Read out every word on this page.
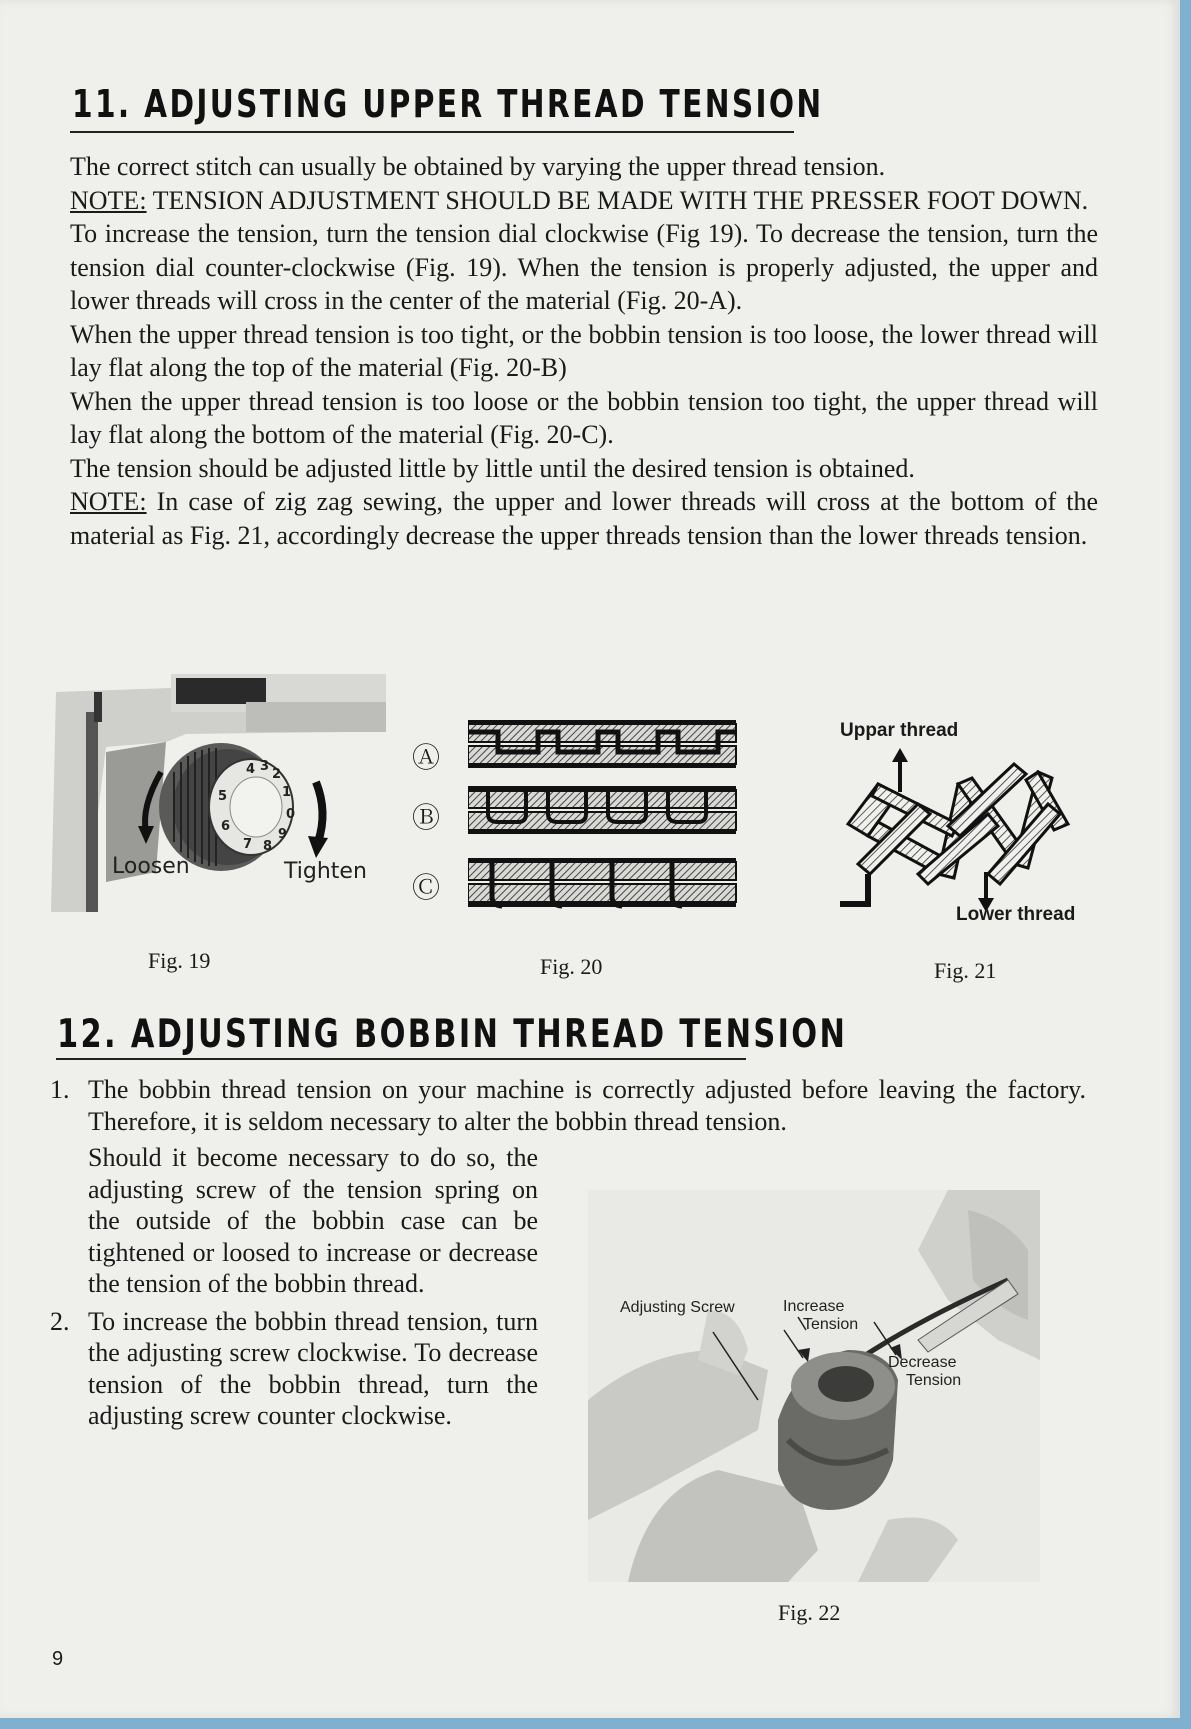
11. ADJUSTING UPPER THREAD TENSION

The correct stitch can usually be obtained by varying the upper thread tension.

NOTE: TENSION ADJUSTMENT SHOULD BE MADE WITH THE PRESSER FOOT DOWN.

To increase the tension, turn the tension dial clockwise (Fig 19). To decrease the tension, turn the tension dial counter-clockwise (Fig. 19). When the tension is properly adjusted, the upper and lower threads will cross in the center of the material (Fig. 20-A).

When the upper thread tension is too tight, or the bobbin tension is too loose, the lower thread will lay flat along the top of the material (Fig. 20-B)

When the upper thread tension is too loose or the bobbin tension too tight, the upper thread will lay flat along the bottom of the material (Fig. 20-C).

The tension should be adjusted little by little until the desired tension is obtained.

NOTE: In case of zig zag sewing, the upper and lower threads will cross at the bottom of the material as Fig. 21, accordingly decrease the upper threads tension than the lower threads tension.

4 3
2
1
0
9
8
7
6
5
Loosen	Tighten
Fig. 19
Ⓐ
Ⓑ
Ⓒ
Fig. 20
Uppar thread
Lower thread
Fig. 21
12. ADJUSTING BOBBIN THREAD TENSION
1. The bobbin thread tension on your machine is correctly adjusted before leaving the factory. Therefore, it is seldom necessary to alter the bobbin thread tension.

Should it become necessary to do so, the adjusting screw of the tension spring on the outside of the bobbin case can be tightened or loosed to increase or decrease the tension of the bobbin thread.

2. To increase the bobbin thread tension, turn the adjusting screw clockwise. To decrease tension of the bobbin thread, turn the adjusting screw counter clockwise.

Adjusting Screw	Increase
Tension
Decrease
Tension
Fig. 22
9
